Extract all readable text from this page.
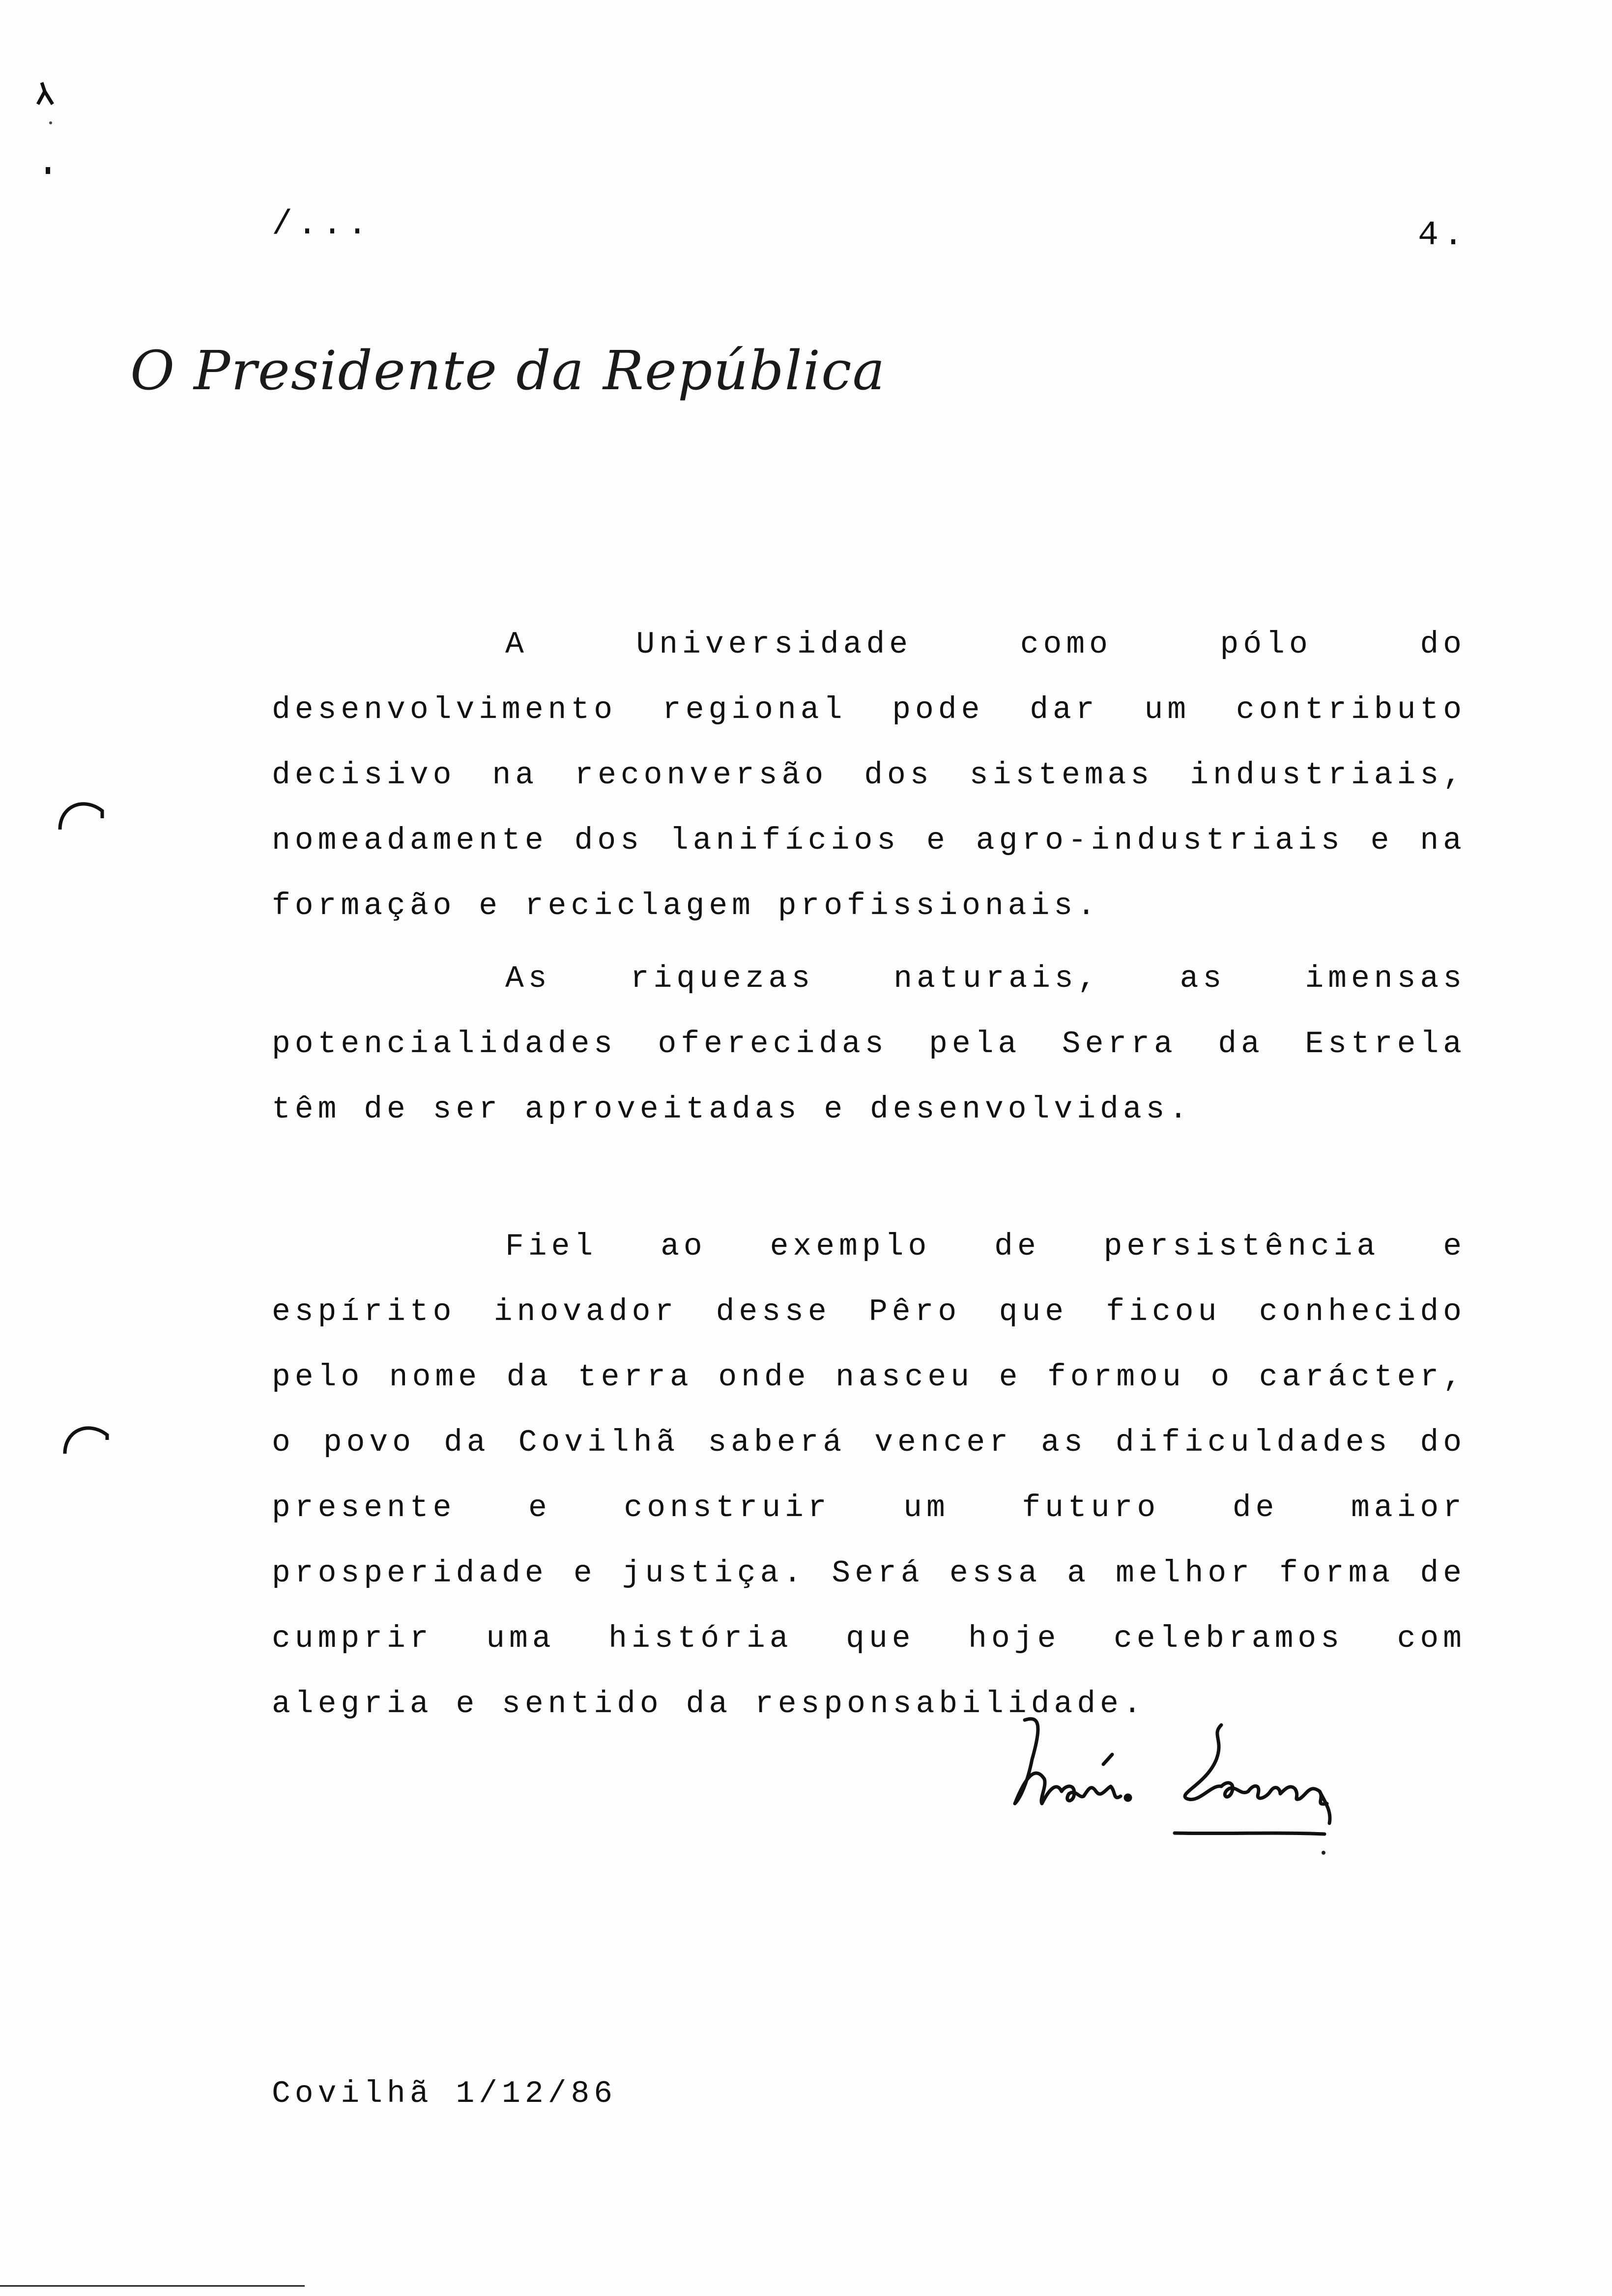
/...	4.
O Presidente da República

A Universidade como pólo do desenvolvimento regional pode dar um contributo decisivo na reconversão dos sistemas industriais, nomeadamente dos lanifícios e agro-industriais e na formação e reciclagem profissionais.

As riquezas naturais, as imensas potencialidades oferecidas pela Serra da Estrela têm de ser aproveitadas e desenvolvidas.

Fiel ao exemplo de persistência e espírito inovador desse Pêro que ficou conhecido pelo nome da terra onde nasceu e formou o carácter, o povo da Covilhã saberá vencer as dificuldades do presente e construir um futuro de maior prosperidade e justiça. Será essa a melhor forma de cumprir uma história que hoje celebramos com alegria e sentido da responsabilidade.

Covilhã 1/12/86
